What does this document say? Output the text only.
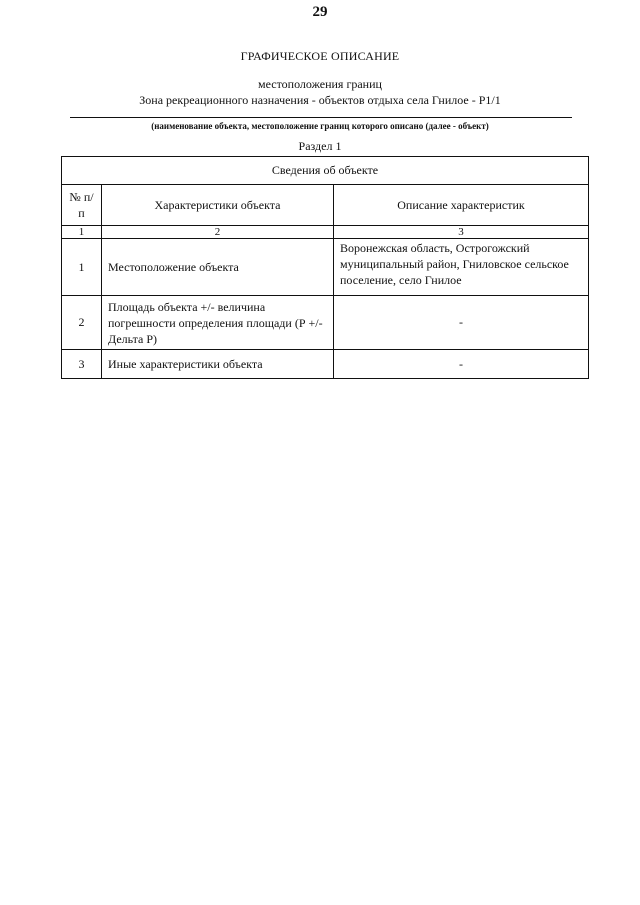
29
ГРАФИЧЕСКОЕ ОПИСАНИЕ
местоположения границ
Зона рекреационного назначения - объектов отдыха села Гнилое - Р1/1
(наименование объекта, местоположение границ которого описано (далее - объект)
Раздел 1
Сведения об объекте		
№ п/п	Характеристики объекта	Описание характеристик
1	2	3
1	Местоположение объекта	Воронежская область, Острогожский муниципальный район, Гниловское сельское поселение, село Гнилое
2	Площадь объекта +/- величина погрешности определения площади (Р +/- Дельта Р)	-
3	Иные характеристики объекта	-
